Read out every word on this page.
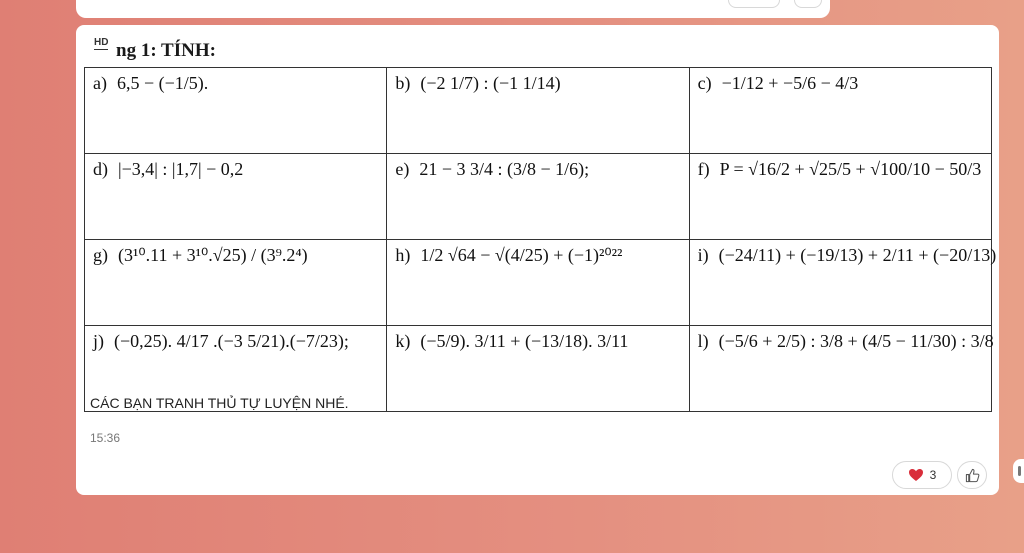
HD ng 1: TÍNH:
a) 6,5 − (−1/5).	b) (−2 1/7) : (−1 1/14)	c) −1/12 + −5/6 − 4/3

d) |−3,4| : |1,7| − 0,2	e) 21 − 3 3/4 : (3/8 − 1/6);	f) P = √16/2 + √25/5 + √100/10 − 50/3

g) (3¹⁰.11 + 3¹⁰.√25) / (3⁹.2⁴)	h) 1/2 √64 − √(4/25) + (−1)²⁰²²	i) (−24/11) + (−19/13) + 2/11 + (−20/13)

j) (−0,25). 4/17 .(−3 5/21).(−7/23);	k) (−5/9). 3/11 + (−13/18). 3/11	l) (−5/6 + 2/5) : 3/8 + (4/5 − 11/30) : 3/8
CÁC BẠN TRANH THỦ TỰ LUYỆN NHÉ.
15:36
3
